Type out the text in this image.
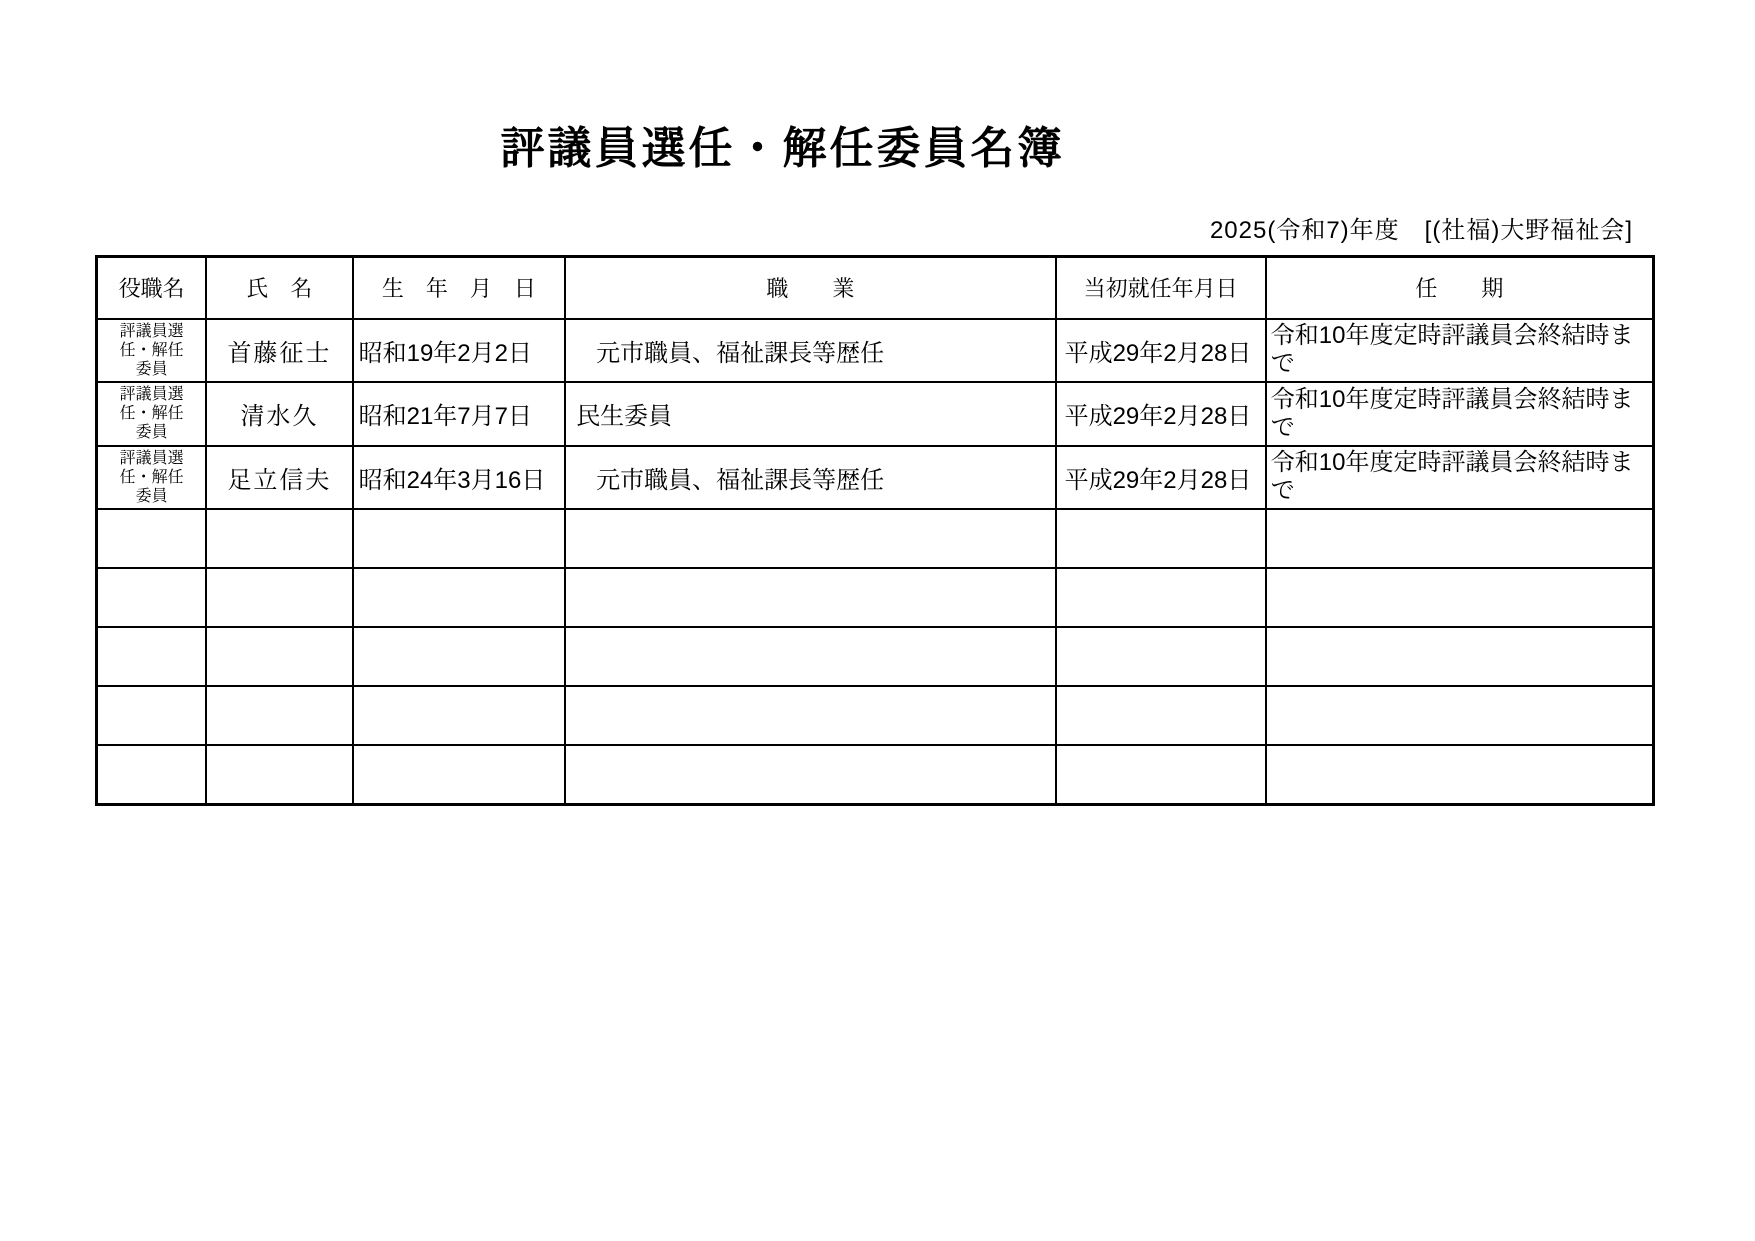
評議員選任・解任委員名簿
2025(令和7)年度　[(社福)大野福祉会]
役職名	氏　名	生　年　月　日	職　　業	当初就任年月日	任　　期
評議員選任・解任委員	首藤征士	昭和19年2月2日	元市職員、福祉課長等歴任	平成29年2月28日	令和10年度定時評議員会終結時まで
評議員選任・解任委員	清水久	昭和21年7月7日	民生委員	平成29年2月28日	令和10年度定時評議員会終結時まで
評議員選任・解任委員	足立信夫	昭和24年3月16日	元市職員、福祉課長等歴任	平成29年2月28日	令和10年度定時評議員会終結時まで
